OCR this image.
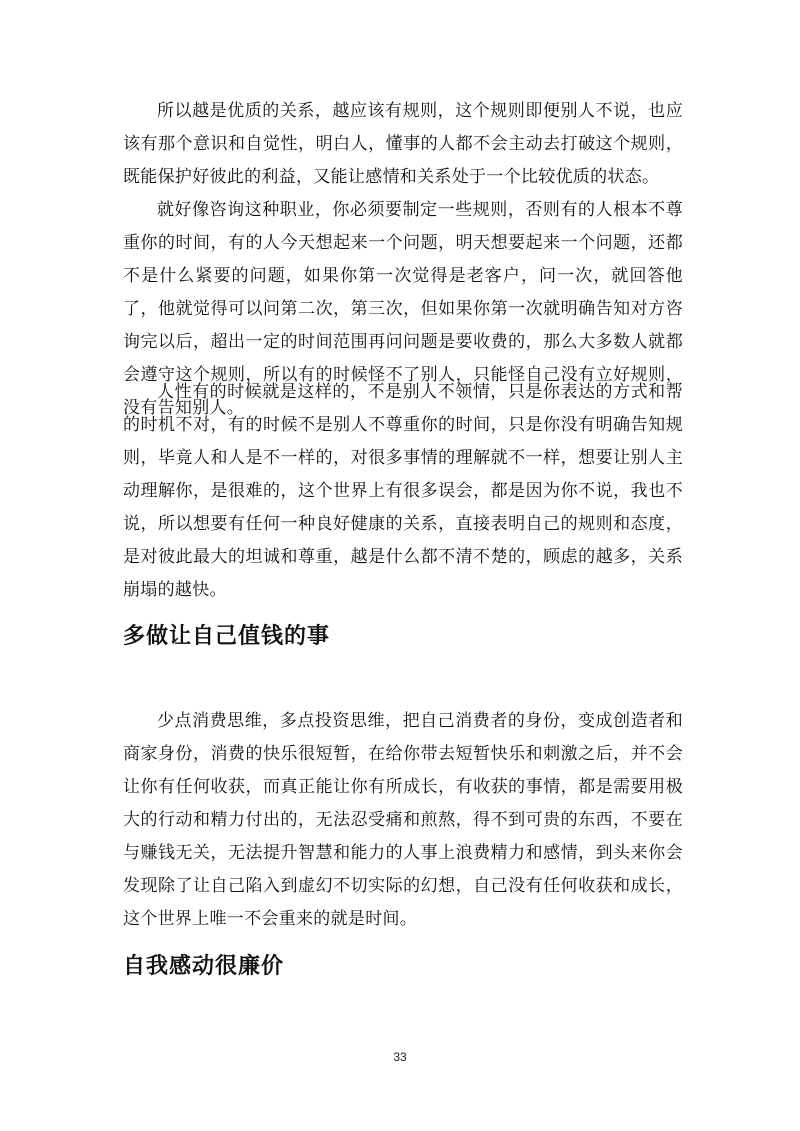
所以越是优质的关系，越应该有规则，这个规则即便别人不说，也应该有那个意识和自觉性，明白人，懂事的人都不会主动去打破这个规则，既能保护好彼此的利益，又能让感情和关系处于一个比较优质的状态。

就好像咨询这种职业，你必须要制定一些规则，否则有的人根本不尊重你的时间，有的人今天想起来一个问题，明天想要起来一个问题，还都不是什么紧要的问题，如果你第一次觉得是老客户，问一次，就回答他了，他就觉得可以问第二次，第三次，但如果你第一次就明确告知对方咨询完以后，超出一定的时间范围再问问题是要收费的，那么大多数人就都会遵守这个规则，所以有的时候怪不了别人，只能怪自己没有立好规则，没有告知别人。

人性有的时候就是这样的，不是别人不领情，只是你表达的方式和帮的时机不对，有的时候不是别人不尊重你的时间，只是你没有明确告知规则，毕竟人和人是不一样的，对很多事情的理解就不一样，想要让别人主动理解你，是很难的，这个世界上有很多误会，都是因为你不说，我也不说，所以想要有任何一种良好健康的关系，直接表明自己的规则和态度，是对彼此最大的坦诚和尊重，越是什么都不清不楚的，顾虑的越多，关系崩塌的越快。

多做让自己值钱的事

少点消费思维，多点投资思维，把自己消费者的身份，变成创造者和商家身份，消费的快乐很短暂，在给你带去短暂快乐和刺激之后，并不会让你有任何收获，而真正能让你有所成长，有收获的事情，都是需要用极大的行动和精力付出的，无法忍受痛和煎熬，得不到可贵的东西，不要在与赚钱无关，无法提升智慧和能力的人事上浪费精力和感情，到头来你会发现除了让自己陷入到虚幻不切实际的幻想，自己没有任何收获和成长，这个世界上唯一不会重来的就是时间。

自我感动很廉价
33
